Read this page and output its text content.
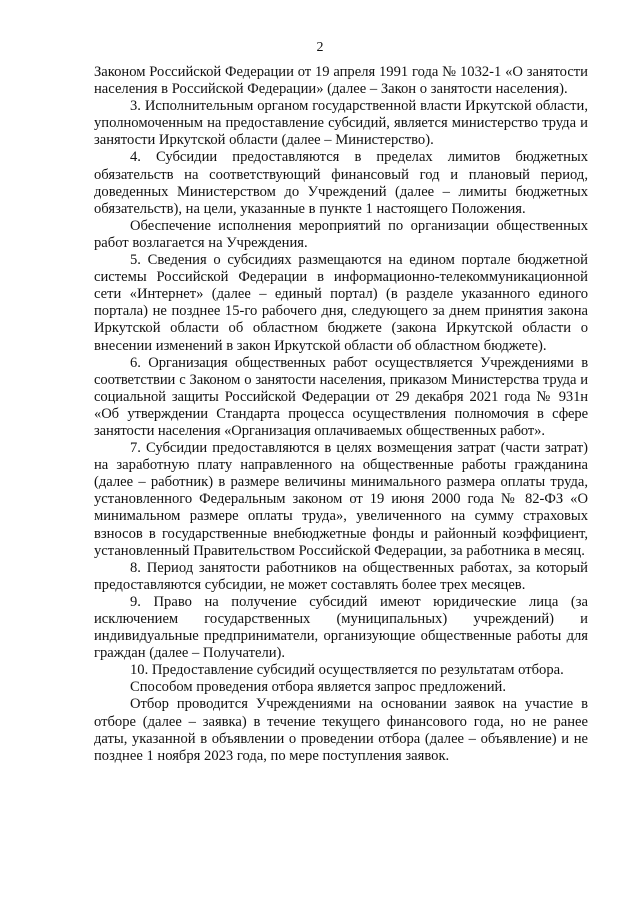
2

Законом Российской Федерации от 19 апреля 1991 года № 1032-1 «О занятости населения в Российской Федерации» (далее – Закон о занятости населения).

3. Исполнительным органом государственной власти Иркутской области, уполномоченным на предоставление субсидий, является министерство труда и занятости Иркутской области (далее – Министерство).

4. Субсидии предоставляются в пределах лимитов бюджетных обязательств на соответствующий финансовый год и плановый период, доведенных Министерством до Учреждений (далее – лимиты бюджетных обязательств), на цели, указанные в пункте 1 настоящего Положения.

Обеспечение исполнения мероприятий по организации общественных работ возлагается на Учреждения.

5. Сведения о субсидиях размещаются на едином портале бюджетной системы Российской Федерации в информационно-телекоммуникационной сети «Интернет» (далее – единый портал) (в разделе указанного единого портала) не позднее 15-го рабочего дня, следующего за днем принятия закона Иркутской области об областном бюджете (закона Иркутской области о внесении изменений в закон Иркутской области об областном бюджете).

6. Организация общественных работ осуществляется Учреждениями в соответствии с Законом о занятости населения, приказом Министерства труда и социальной защиты Российской Федерации от 29 декабря 2021 года № 931н «Об утверждении Стандарта процесса осуществления полномочия в сфере занятости населения «Организация оплачиваемых общественных работ».

7. Субсидии предоставляются в целях возмещения затрат (части затрат) на заработную плату направленного на общественные работы гражданина (далее – работник) в размере величины минимального размера оплаты труда, установленного Федеральным законом от 19 июня 2000 года № 82-ФЗ «О минимальном размере оплаты труда», увеличенного на сумму страховых взносов в государственные внебюджетные фонды и районный коэффициент, установленный Правительством Российской Федерации, за работника в месяц.

8. Период занятости работников на общественных работах, за который предоставляются субсидии, не может составлять более трех месяцев.

9. Право на получение субсидий имеют юридические лица (за исключением государственных (муниципальных) учреждений) и индивидуальные предприниматели, организующие общественные работы для граждан (далее – Получатели).

10. Предоставление субсидий осуществляется по результатам отбора.

Способом проведения отбора является запрос предложений.

Отбор проводится Учреждениями на основании заявок на участие в отборе (далее – заявка) в течение текущего финансового года, но не ранее даты, указанной в объявлении о проведении отбора (далее – объявление) и не позднее 1 ноября 2023 года, по мере поступления заявок.
